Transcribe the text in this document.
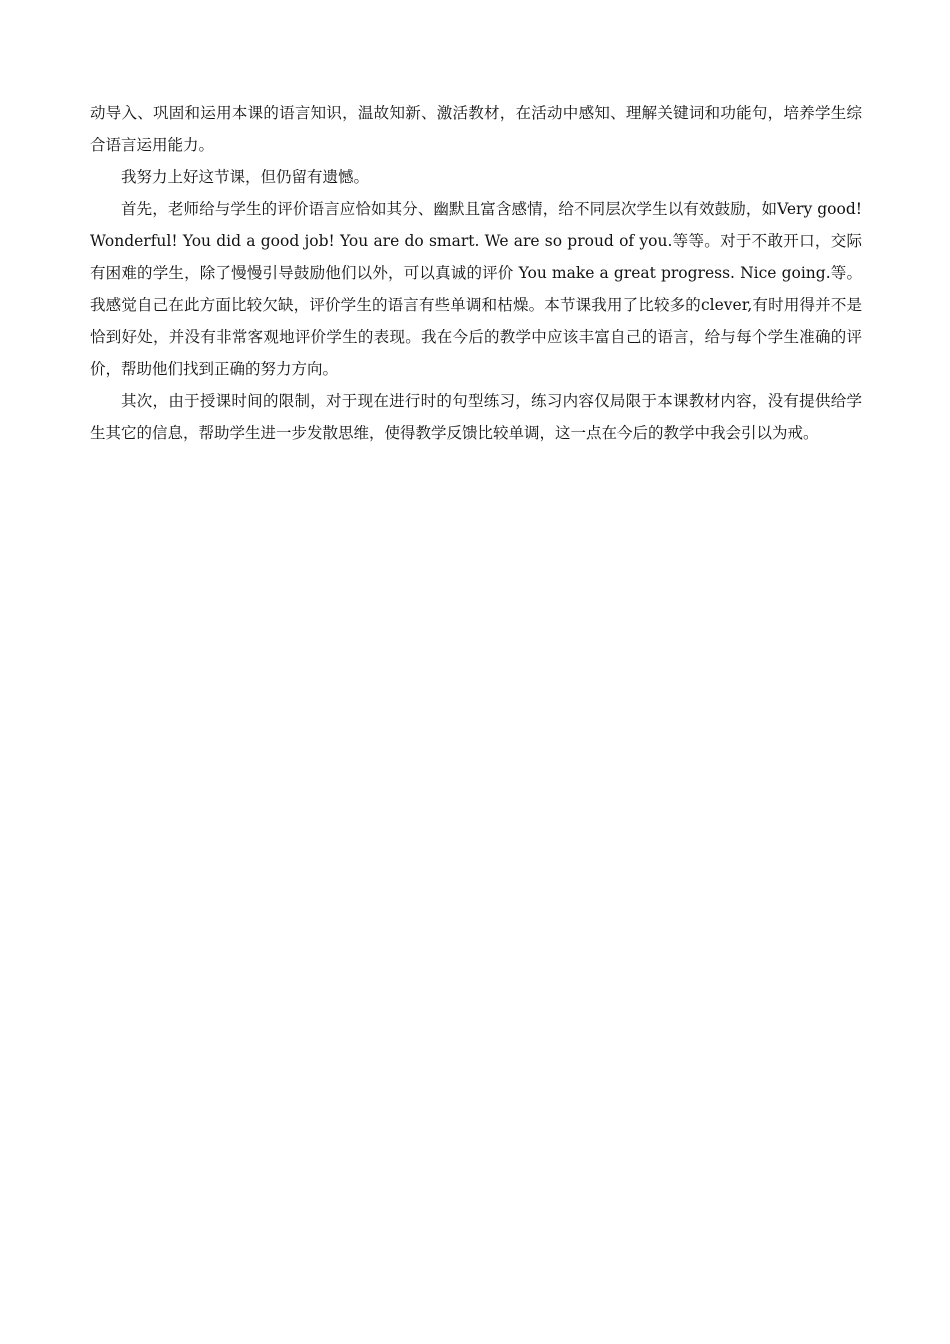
动导入、巩固和运用本课的语言知识，温故知新、激活教材，在活动中感知、理解关键词和功能句，培养学生综合语言运用能力。

我努力上好这节课，但仍留有遗憾。

首先，老师给与学生的评价语言应恰如其分、幽默且富含感情，给不同层次学生以有效鼓励，如Very good! Wonderful! You did a good job! You are do smart. We are so proud of you.等等。对于不敢开口，交际有困难的学生，除了慢慢引导鼓励他们以外，可以真诚的评价 You make a great progress. Nice going.等。 我感觉自己在此方面比较欠缺，评价学生的语言有些单调和枯燥。本节课我用了比较多的clever,有时用得并不是恰到好处，并没有非常客观地评价学生的表现。我在今后的教学中应该丰富自己的语言，给与每个学生准确的评价，帮助他们找到正确的努力方向。

其次，由于授课时间的限制，对于现在进行时的句型练习，练习内容仅局限于本课教材内容，没有提供给学生其它的信息，帮助学生进一步发散思维，使得教学反馈比较单调，这一点在今后的教学中我会引以为戒。
